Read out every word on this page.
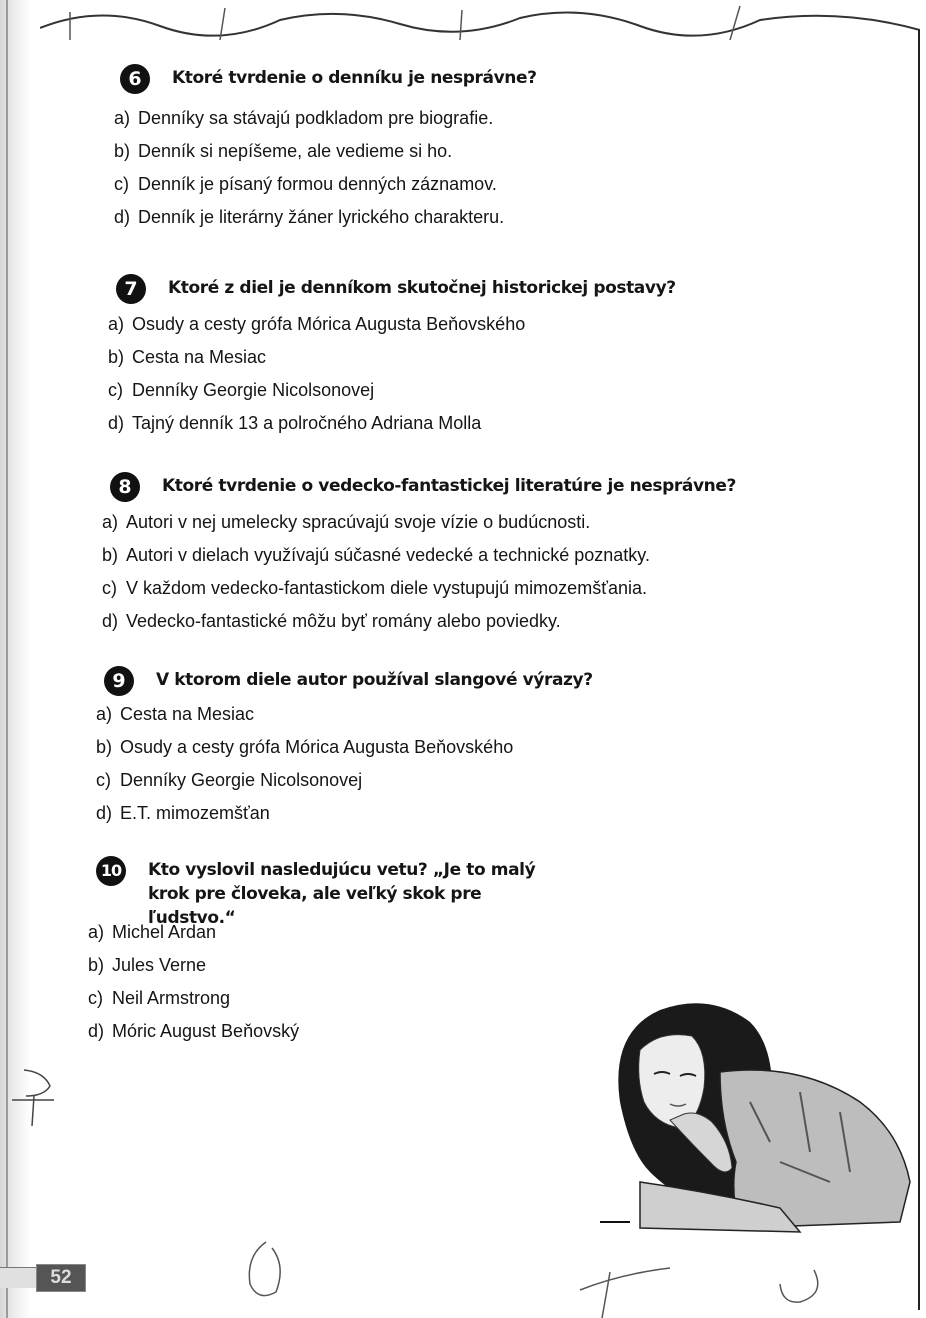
6	Ktoré tvrdenie o denníku je nesprávne?
a) Denníky sa stávajú podkladom pre biografie.
b) Denník si nepíšeme, ale vedieme si ho.
c) Denník je písaný formou denných záznamov.
d) Denník je literárny žáner lyrického charakteru.
7	Ktoré z diel je denníkom skutočnej historickej postavy?
a) Osudy a cesty grófa Mórica Augusta Beňovského
b) Cesta na Mesiac
c) Denníky Georgie Nicolsonovej
d) Tajný denník 13 a polročného Adriana Molla
8	Ktoré tvrdenie o vedecko-fantastickej literatúre je nesprávne?
a) Autori v nej umelecky spracúvajú svoje vízie o budúcnosti.
b) Autori v dielach využívajú súčasné vedecké a technické poznatky.
c) V každom vedecko-fantastickom diele vystupujú mimozemšťania.
d) Vedecko-fantastické môžu byť romány alebo poviedky.
9	V ktorom diele autor používal slangové výrazy?
a) Cesta na Mesiac
b) Osudy a cesty grófa Mórica Augusta Beňovského
c) Denníky Georgie Nicolsonovej
d) E.T. mimozemšťan
10 Kto vyslovil nasledujúcu vetu? „Je to malý krok pre človeka, ale veľký skok pre ľudstvo.“
a) Michel Ardan
b) Jules Verne
c) Neil Armstrong
d) Móric August Beňovský
52
